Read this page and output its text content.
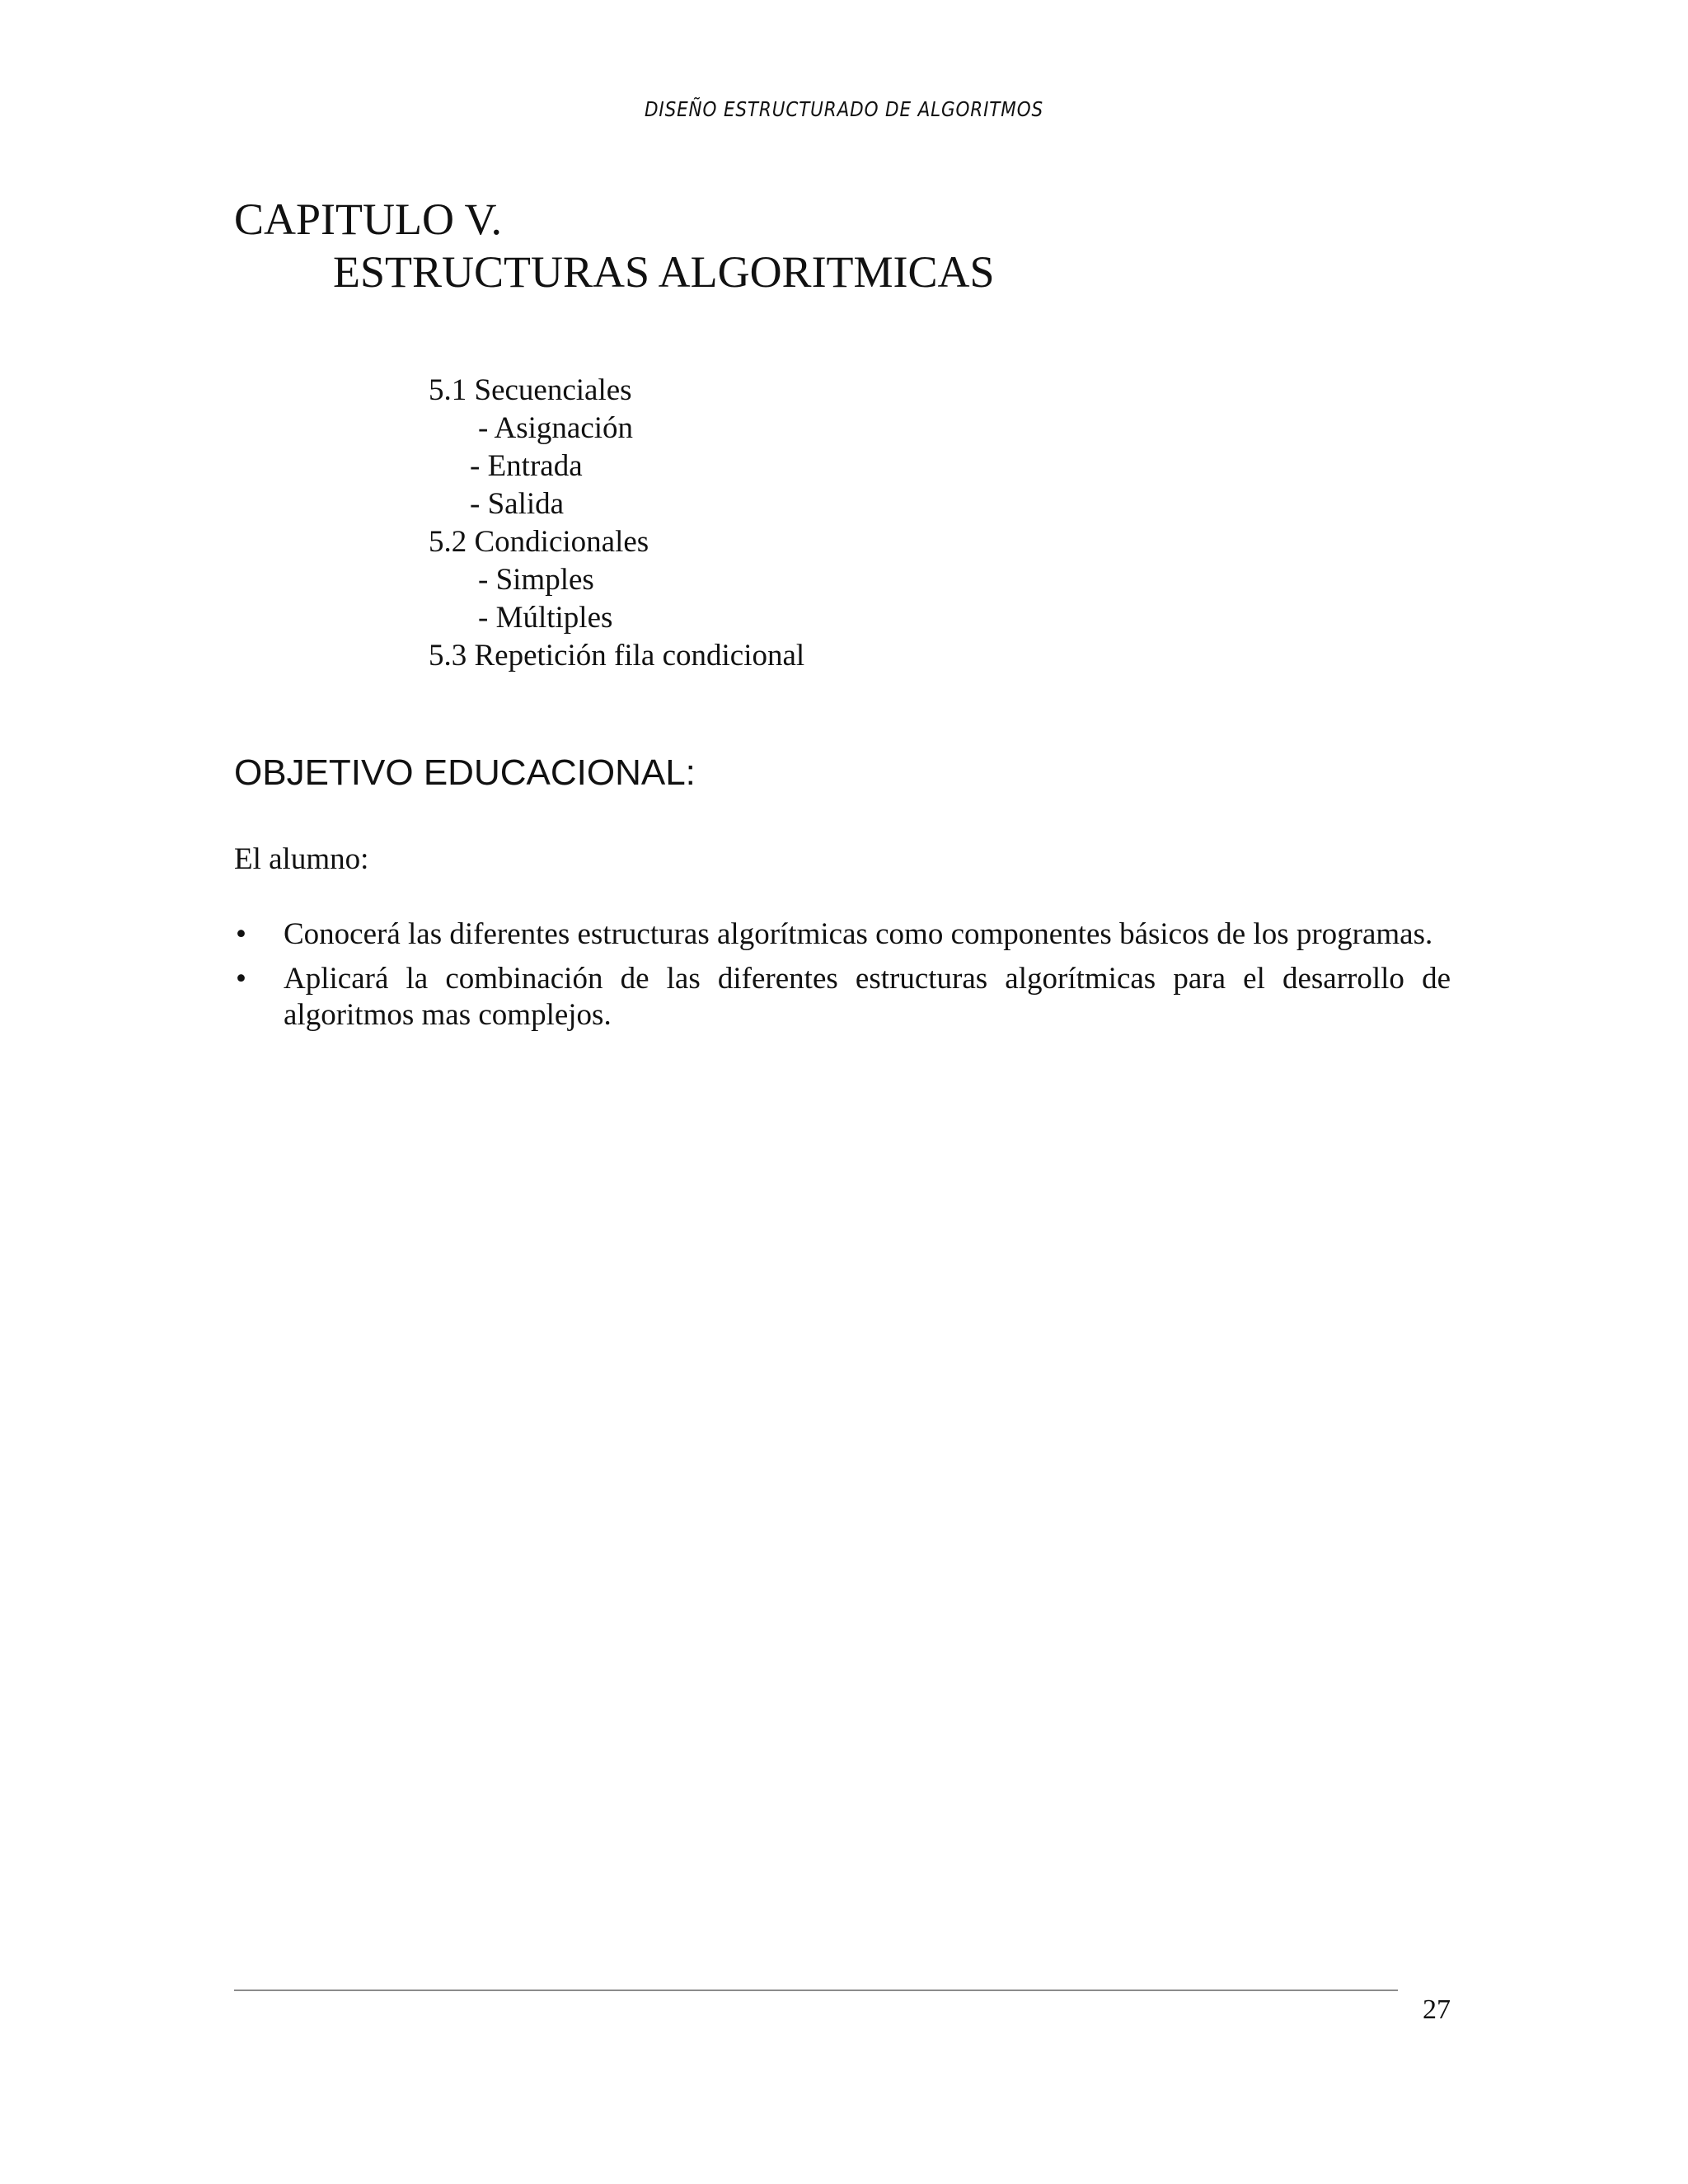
DISEÑO ESTRUCTURADO DE ALGORITMOS
CAPITULO V.
ESTRUCTURAS ALGORITMICAS
5.1 Secuenciales
- Asignación
- Entrada
- Salida
5.2 Condicionales
- Simples
- Múltiples
5.3 Repetición fila condicional
OBJETIVO EDUCACIONAL:
El alumno:
•	Conocerá las diferentes estructuras algorítmicas como componentes básicos de los programas.
•	Aplicará la combinación de las diferentes estructuras algorítmicas para el desarrollo de algoritmos mas complejos.
27
